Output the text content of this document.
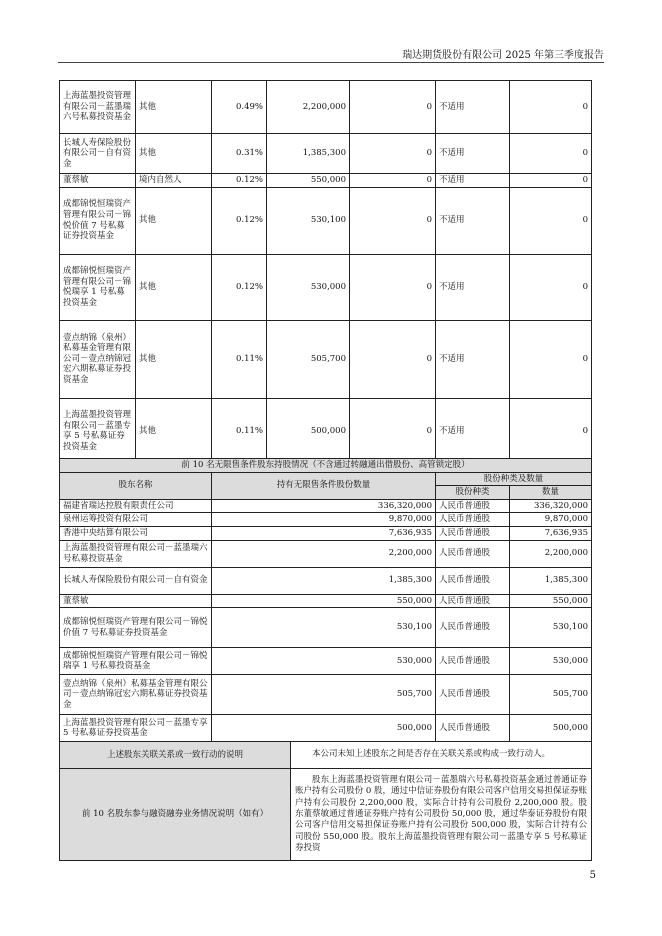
瑞达期货股份有限公司 2025 年第三季度报告
上海蓝墨投资管理有限公司－蓝墨瑞六号私募投资基金	其他	0.49%	2,200,000	0	不适用	0
长城人寿保险股份有限公司－自有资金	其他	0.31%	1,385,300	0	不适用	0
董蔡敏	境内自然人	0.12%	550,000	0	不适用	0
成都锦悦恒瑞资产管理有限公司－锦悦价值 7 号私募证券投资基金	其他	0.12%	530,100	0	不适用	0
成都锦悦恒瑞资产管理有限公司－锦悦瑞享 1 号私募投资基金	其他	0.12%	530,000	0	不适用	0
壹点纳锦（泉州）私募基金管理有限公司－壹点纳锦冠宏六期私募证券投资基金	其他	0.11%	505,700	0	不适用	0
上海蓝墨投资管理有限公司－蓝墨专享 5 号私募证券投资基金	其他	0.11%	500,000	0	不适用	0
前 10 名无限售条件股东持股情况（不含通过转融通出借股份、高管锁定股）				
股东名称	持有无限售条件股份数量		股份种类及数量	
			股份种类	数量
福建省瑞达控股有限责任公司	336,320,000		人民币普通股	336,320,000
泉州运筹投资有限公司	9,870,000		人民币普通股	9,870,000
香港中央结算有限公司	7,636,935		人民币普通股	7,636,935
上海蓝墨投资管理有限公司－蓝墨瑞六号私募投资基金	2,200,000		人民币普通股	2,200,000
长城人寿保险股份有限公司－自有资金	1,385,300		人民币普通股	1,385,300
董蔡敏	550,000		人民币普通股	550,000
成都锦悦恒瑞资产管理有限公司－锦悦价值 7 号私募证券投资基金	530,100		人民币普通股	530,100
成都锦悦恒瑞资产管理有限公司－锦悦瑞享 1 号私募投资基金	530,000		人民币普通股	530,000
壹点纳锦（泉州）私募基金管理有限公司－壹点纳锦冠宏六期私募证券投资基金	505,700		人民币普通股	505,700
上海蓝墨投资管理有限公司－蓝墨专享 5 号私募证券投资基金	500,000		人民币普通股	500,000
上述股东关联关系或一致行动的说明		本公司未知上述股东之间是否存在关联关系或构成一致行动人。		
前 10 名股东参与融资融券业务情况说明（如有）		股东上海蓝墨投资管理有限公司－蓝墨瑞六号私募投资基金通过普通证券账户持有公司股份 0 股，通过中信证券股份有限公司客户信用交易担保证券账户持有公司股份 2,200,000 股，实际合计持有公司股份 2,200,000 股。股东董蔡敏通过普通证券账户持有公司股份 50,000 股，通过华泰证券股份有限公司客户信用交易担保证券账户持有公司股份 500,000 股，实际合计持有公司股份 550,000 股。股东上海蓝墨投资管理有限公司－蓝墨专享 5 号私募证券投资		
5
